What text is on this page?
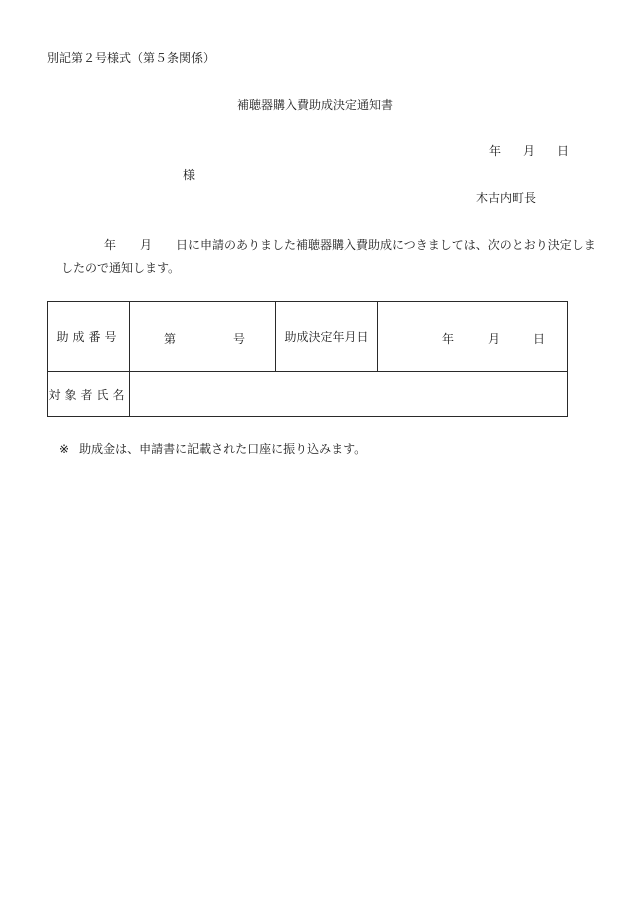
別記第２号様式（第５条関係）
補聴器購入費助成決定通知書
年 月 日
様
木古内町長
年 月 日に申請のありました補聴器購入費助成につきましては、次のとおり決定しま
したので通知します。
助成番号	第 号	助成決定年月日	年 月 日

対象者氏名			
※ 助成金は、申請書に記載された口座に振り込みます。
